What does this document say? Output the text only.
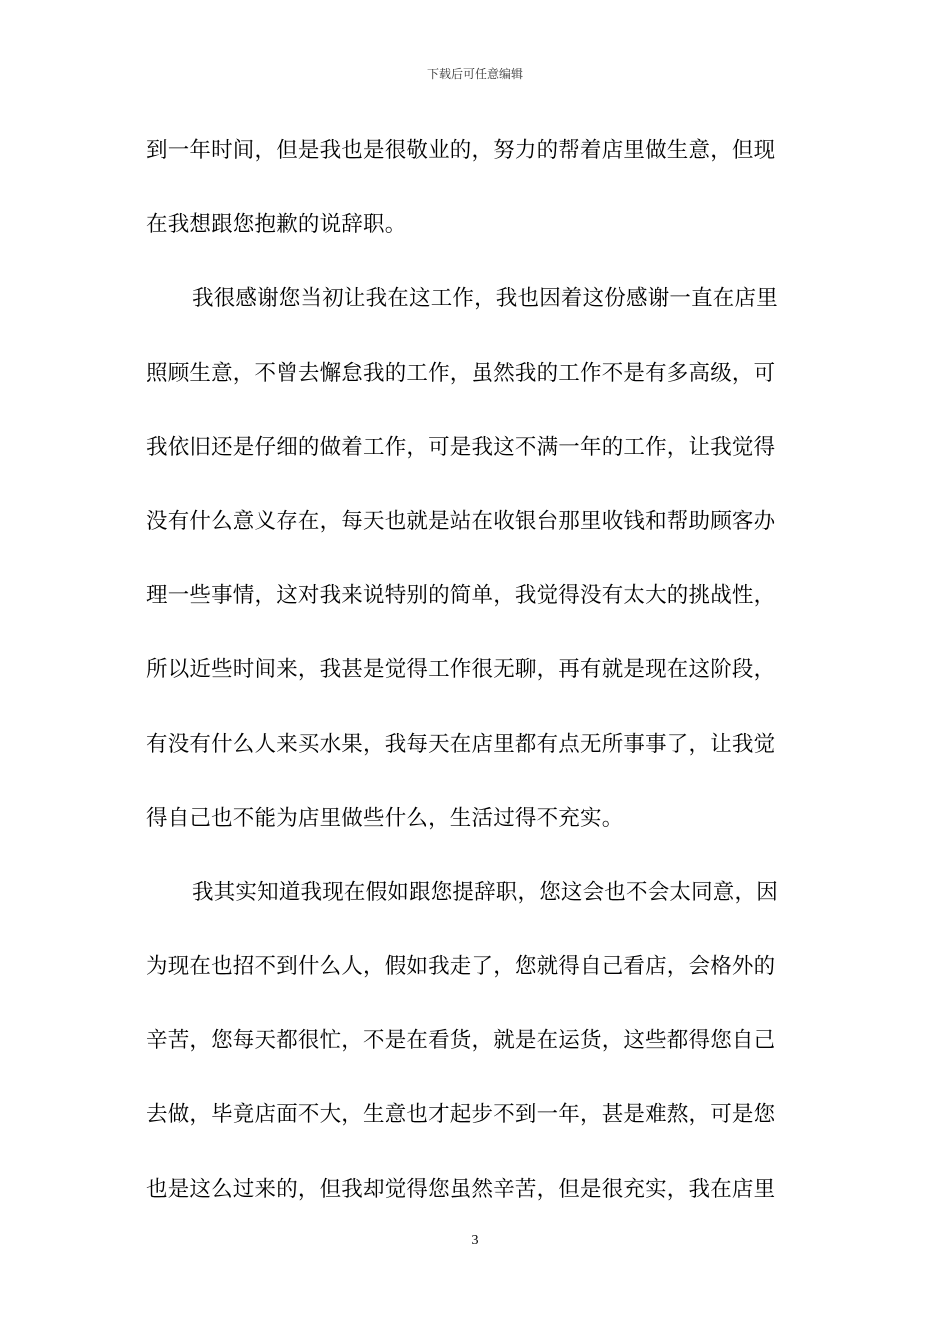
下载后可任意编辑
到一年时间，但是我也是很敬业的，努力的帮着店里做生意，但现
在我想跟您抱歉的说辞职。
我很感谢您当初让我在这工作，我也因着这份感谢一直在店里
照顾生意，不曾去懈怠我的工作，虽然我的工作不是有多高级，可
我依旧还是仔细的做着工作，可是我这不满一年的工作，让我觉得
没有什么意义存在，每天也就是站在收银台那里收钱和帮助顾客办
理一些事情，这对我来说特别的简单，我觉得没有太大的挑战性，
所以近些时间来，我甚是觉得工作很无聊，再有就是现在这阶段，
有没有什么人来买水果，我每天在店里都有点无所事事了，让我觉
得自己也不能为店里做些什么，生活过得不充实。
我其实知道我现在假如跟您提辞职，您这会也不会太同意，因
为现在也招不到什么人，假如我走了，您就得自己看店，会格外的
辛苦，您每天都很忙，不是在看货，就是在运货，这些都得您自己
去做，毕竟店面不大，生意也才起步不到一年，甚是难熬，可是您
也是这么过来的，但我却觉得您虽然辛苦，但是很充实，我在店里
3
